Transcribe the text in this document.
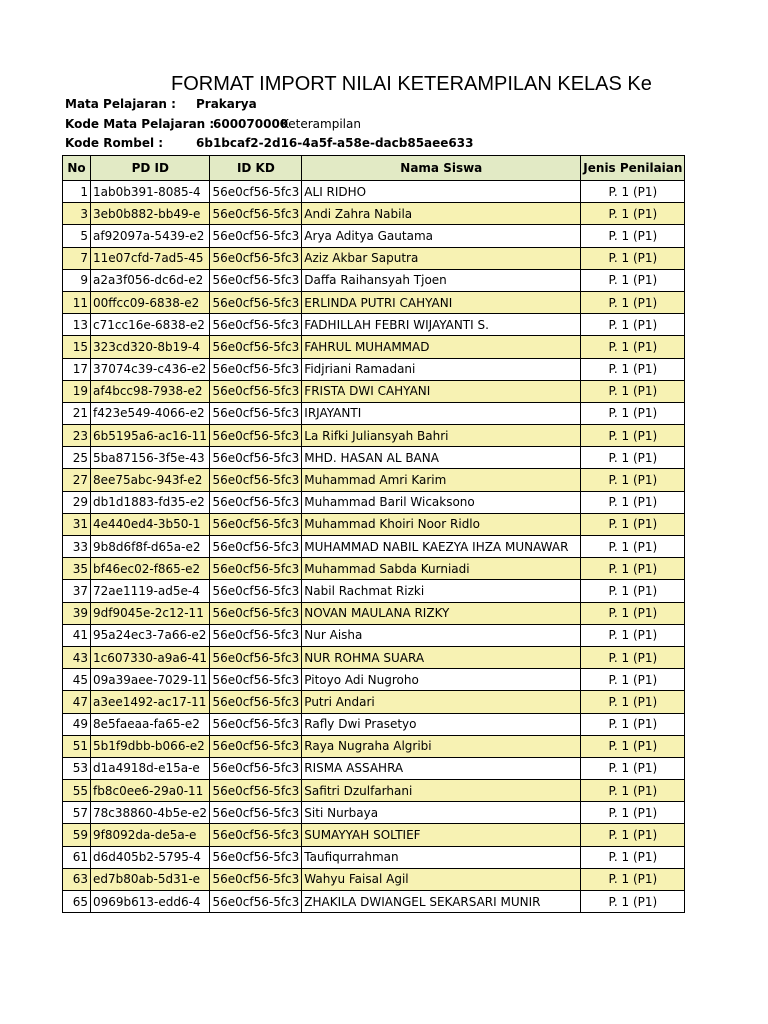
FORMAT IMPORT NILAI KETERAMPILAN KELAS Ke
Mata Pelajaran : Prakarya
Kode Mata Pelajaran :
600070000
Keterampilan
Kode Rombel :	6b1bcaf2-2d16-4a5f-a58e-dacb85aee633
No	PD ID	ID KD	Nama Siswa	Jenis Penilaian
1	1ab0b391-8085-4	56e0cf56-5fc3	ALI RIDHO	P. 1 (P1)
3	3eb0b882-bb49-e	56e0cf56-5fc3	Andi Zahra Nabila	P. 1 (P1)
5	af92097a-5439-e2	56e0cf56-5fc3	Arya Aditya Gautama	P. 1 (P1)
7	11e07cfd-7ad5-45	56e0cf56-5fc3	Aziz Akbar Saputra	P. 1 (P1)
9	a2a3f056-dc6d-e2	56e0cf56-5fc3	Daffa Raihansyah Tjoen	P. 1 (P1)
11	00ffcc09-6838-e2	56e0cf56-5fc3	ERLINDA PUTRI CAHYANI	P. 1 (P1)
13	c71cc16e-6838-e2	56e0cf56-5fc3	FADHILLAH FEBRI WIJAYANTI S.	P. 1 (P1)
15	323cd320-8b19-4	56e0cf56-5fc3	FAHRUL MUHAMMAD	P. 1 (P1)
17	37074c39-c436-e2	56e0cf56-5fc3	Fidjriani Ramadani	P. 1 (P1)
19	af4bcc98-7938-e2	56e0cf56-5fc3	FRISTA DWI CAHYANI	P. 1 (P1)
21	f423e549-4066-e2	56e0cf56-5fc3	IRJAYANTI	P. 1 (P1)
23	6b5195a6-ac16-11	56e0cf56-5fc3	La Rifki Juliansyah Bahri	P. 1 (P1)
25	5ba87156-3f5e-43	56e0cf56-5fc3	MHD. HASAN AL BANA	P. 1 (P1)
27	8ee75abc-943f-e2	56e0cf56-5fc3	Muhammad Amri Karim	P. 1 (P1)
29	db1d1883-fd35-e2	56e0cf56-5fc3	Muhammad Baril Wicaksono	P. 1 (P1)
31	4e440ed4-3b50-1	56e0cf56-5fc3	Muhammad Khoiri Noor Ridlo	P. 1 (P1)
33	9b8d6f8f-d65a-e2	56e0cf56-5fc3	MUHAMMAD NABIL KAEZYA IHZA MUNAWAR	P. 1 (P1)
35	bf46ec02-f865-e2	56e0cf56-5fc3	Muhammad Sabda Kurniadi	P. 1 (P1)
37	72ae1119-ad5e-4	56e0cf56-5fc3	Nabil Rachmat Rizki	P. 1 (P1)
39	9df9045e-2c12-11	56e0cf56-5fc3	NOVAN MAULANA RIZKY	P. 1 (P1)
41	95a24ec3-7a66-e2	56e0cf56-5fc3	Nur Aisha	P. 1 (P1)
43	1c607330-a9a6-41	56e0cf56-5fc3	NUR ROHMA SUARA	P. 1 (P1)
45	09a39aee-7029-11	56e0cf56-5fc3	Pitoyo Adi Nugroho	P. 1 (P1)
47	a3ee1492-ac17-11	56e0cf56-5fc3	Putri Andari	P. 1 (P1)
49	8e5faeaa-fa65-e2	56e0cf56-5fc3	Rafly Dwi Prasetyo	P. 1 (P1)
51	5b1f9dbb-b066-e2	56e0cf56-5fc3	Raya Nugraha Algribi	P. 1 (P1)
53	d1a4918d-e15a-e	56e0cf56-5fc3	RISMA ASSAHRA	P. 1 (P1)
55	fb8c0ee6-29a0-11	56e0cf56-5fc3	Safitri Dzulfarhani	P. 1 (P1)
57	78c38860-4b5e-e2	56e0cf56-5fc3	Siti Nurbaya	P. 1 (P1)
59	9f8092da-de5a-e	56e0cf56-5fc3	SUMAYYAH SOLTIEF	P. 1 (P1)
61	d6d405b2-5795-4	56e0cf56-5fc3	Taufiqurrahman	P. 1 (P1)
63	ed7b80ab-5d31-e	56e0cf56-5fc3	Wahyu Faisal Agil	P. 1 (P1)
65	0969b613-edd6-4	56e0cf56-5fc3	ZHAKILA DWIANGEL SEKARSARI MUNIR	P. 1 (P1)
